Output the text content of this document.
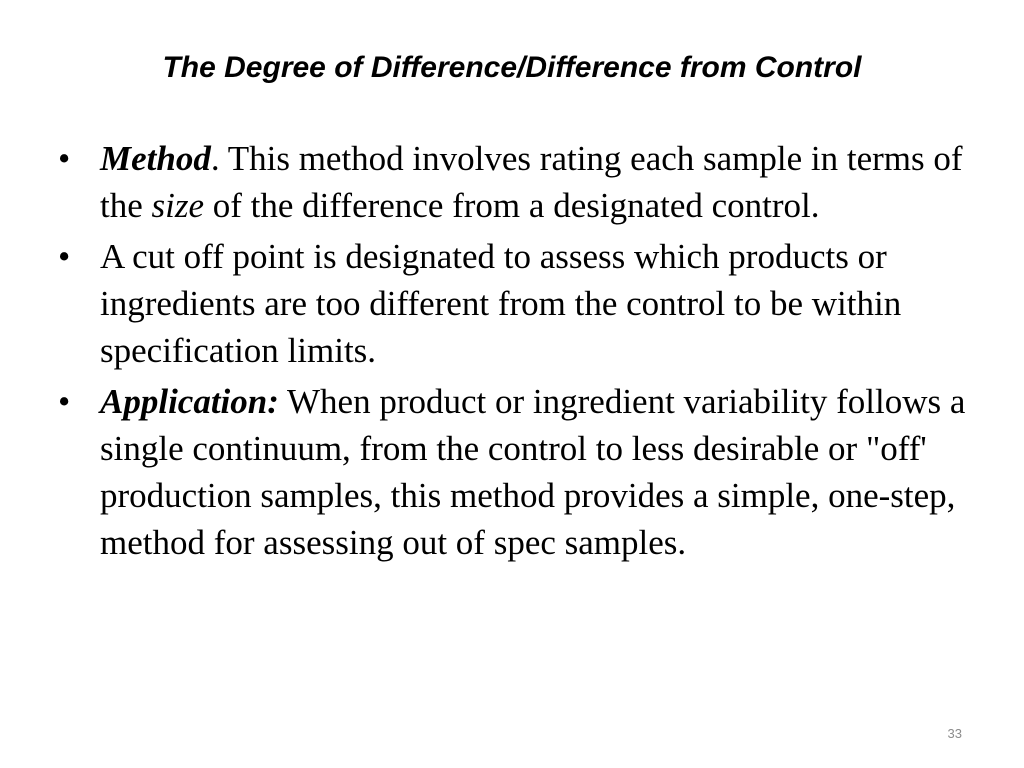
The Degree of Difference/Difference from Control
• Method. This method involves rating each sample in terms of the size of the difference from a designated control.
• A cut off point is designated to assess which products or ingredients are too different from the control to be within specification limits.
• Application: When product or ingredient variability follows a single continuum, from the control to less desirable or "off' production samples, this method provides a simple, one-step, method for assessing out of spec samples.
33
